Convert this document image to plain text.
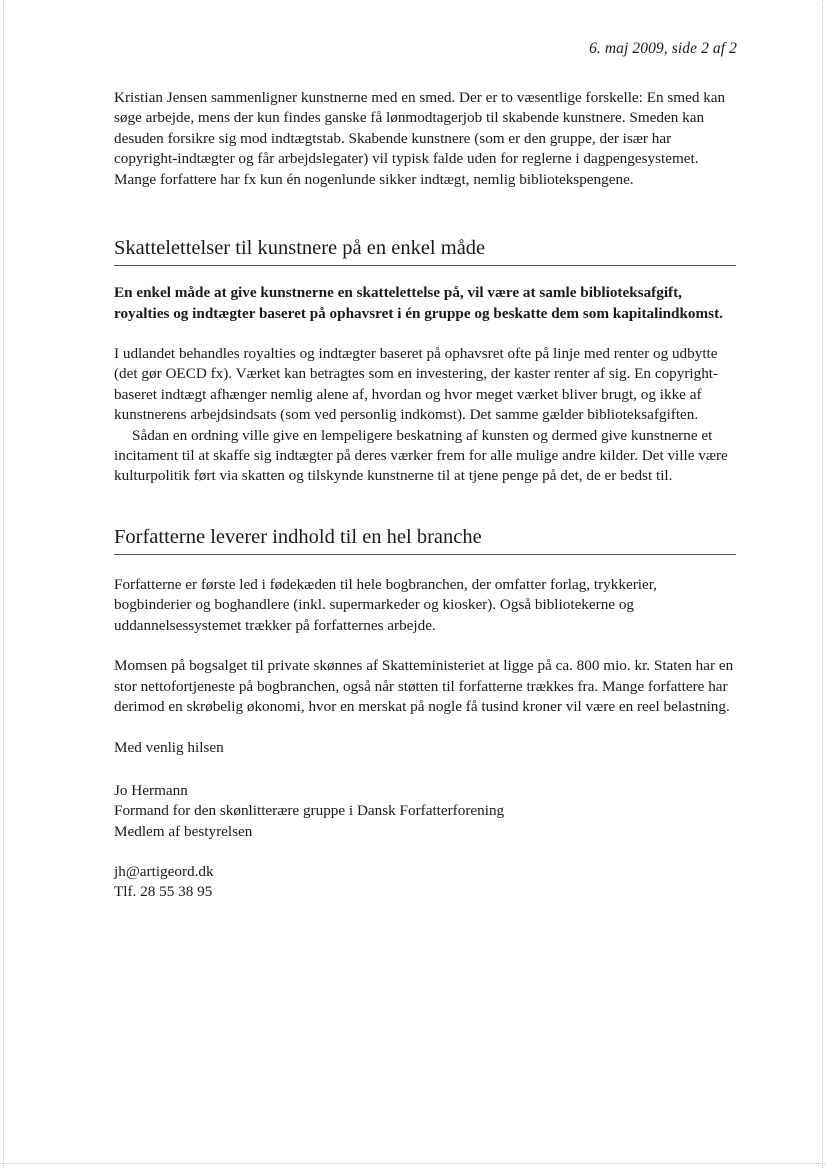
6. maj 2009, side 2 af 2

Kristian Jensen sammenligner kunstnerne med en smed. Der er to væsentlige forskelle: En smed kan søge arbejde, mens der kun findes ganske få lønmodtagerjob til skabende kunstnere. Smeden kan desuden forsikre sig mod indtægtstab. Skabende kunstnere (som er den gruppe, der især har copyright-indtægter og får arbejdslegater) vil typisk falde uden for reglerne i dagpengesystemet. Mange forfattere har fx kun én nogenlunde sikker indtægt, nemlig bibliotekspengene.

Skattelettelser til kunstnere på en enkel måde

En enkel måde at give kunstnerne en skattelettelse på, vil være at samle biblioteksafgift, royalties og indtægter baseret på ophavsret i én gruppe og beskatte dem som kapitalindkomst.

I udlandet behandles royalties og indtægter baseret på ophavsret ofte på linje med renter og udbytte (det gør OECD fx). Værket kan betragtes som en investering, der kaster renter af sig. En copyright-baseret indtægt afhænger nemlig alene af, hvordan og hvor meget værket bliver brugt, og ikke af kunstnerens arbejdsindsats (som ved personlig indkomst). Det samme gælder biblioteksafgiften.

Sådan en ordning ville give en lempeligere beskatning af kunsten og dermed give kunstnerne et incitament til at skaffe sig indtægter på deres værker frem for alle mulige andre kilder. Det ville være kulturpolitik ført via skatten og tilskynde kunstnerne til at tjene penge på det, de er bedst til.

Forfatterne leverer indhold til en hel branche

Forfatterne er første led i fødekæden til hele bogbranchen, der omfatter forlag, trykkerier, bogbinderier og boghandlere (inkl. supermarkeder og kiosker). Også bibliotekerne og uddannelsessystemet trækker på forfatternes arbejde.

Momsen på bogsalget til private skønnes af Skatteministeriet at ligge på ca. 800 mio. kr. Staten har en stor nettofortjeneste på bogbranchen, også når støtten til forfatterne trækkes fra. Mange forfattere har derimod en skrøbelig økonomi, hvor en merskat på nogle få tusind kroner vil være en reel belastning.

Med venlig hilsen

Jo Hermann
Formand for den skønlitterære gruppe i Dansk Forfatterforening
Medlem af bestyrelsen
jh@artigeord.dk
Tlf. 28 55 38 95
